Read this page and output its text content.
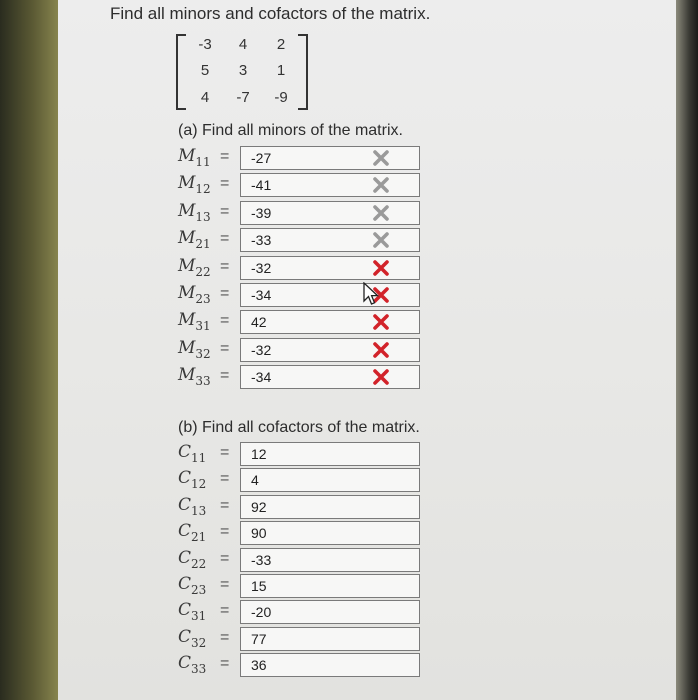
Find all minors and cofactors of the matrix.
-3	4	2
5	3	1
4	-7	-9
(a) Find all minors of the matrix.
$M_{11}$ =	-27
$M_{12}$ =	-41
$M_{13}$ =	-39
$M_{21}$ =	-33
$M_{22}$ =	-32
$M_{23}$ =	-34
$M_{31}$ =	42
$M_{32}$ =	-32
$M_{33}$ =	-34
(b) Find all cofactors of the matrix.
$C_{11}$ =	12
$C_{12}$ =	4
$C_{13}$ =	92
$C_{21}$ =	90
$C_{22}$ =	-33
$C_{23}$ =	15
$C_{31}$ =	-20
$C_{32}$ =	77
$C_{33}$ =	36
